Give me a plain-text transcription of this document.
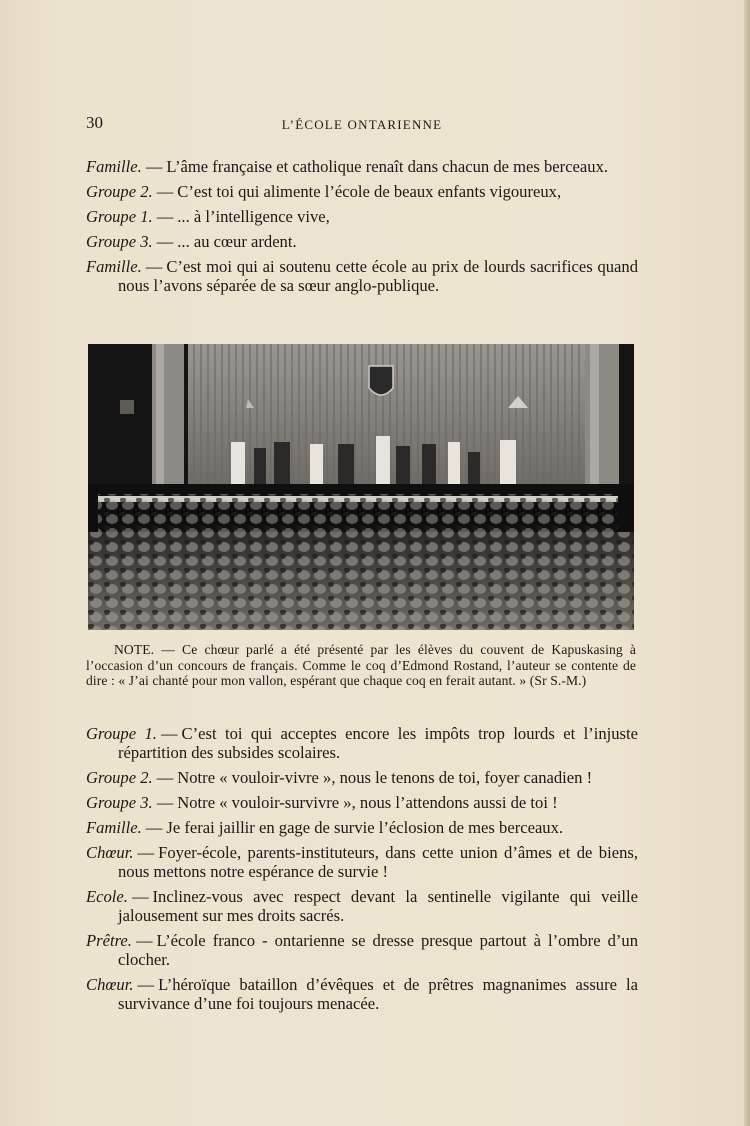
30	L’ÉCOLE ONTARIENNE

Famille. — L’âme française et catholique renaît dans chacun de mes berceaux.

Groupe 2. — C’est toi qui alimente l’école de beaux enfants vigoureux,

Groupe 1. — ... à l’intelligence vive,

Groupe 3. — ... au cœur ardent.

Famille. — C’est moi qui ai soutenu cette école au prix de lourds sacrifices quand nous l’avons séparée de sa sœur anglo-publique.

NOTE. — Ce chœur parlé a été présenté par les élèves du couvent de Kapuskasing à l’occasion d’un concours de français. Comme le coq d’Edmond Rostand, l’auteur se contente de dire : « J’ai chanté pour mon vallon, espérant que chaque coq en ferait autant. » (Sr S.-M.)

Groupe 1. — C’est toi qui acceptes encore les impôts trop lourds et l’injuste répartition des subsides scolaires.

Groupe 2. — Notre « vouloir-vivre », nous le tenons de toi, foyer canadien !

Groupe 3. — Notre « vouloir-survivre », nous l’attendons aussi de toi !

Famille. — Je ferai jaillir en gage de survie l’éclosion de mes berceaux.

Chœur. — Foyer-école, parents-instituteurs, dans cette union d’âmes et de biens, nous mettons notre espérance de survie !

Ecole. — Inclinez-vous avec respect devant la sentinelle vigilante qui veille jalousement sur mes droits sacrés.

Prêtre. — L’école franco - ontarienne se dresse presque partout à l’ombre d’un clocher.

Chœur. — L’héroïque bataillon d’évêques et de prêtres magnanimes assure la survivance d’une foi toujours menacée.
